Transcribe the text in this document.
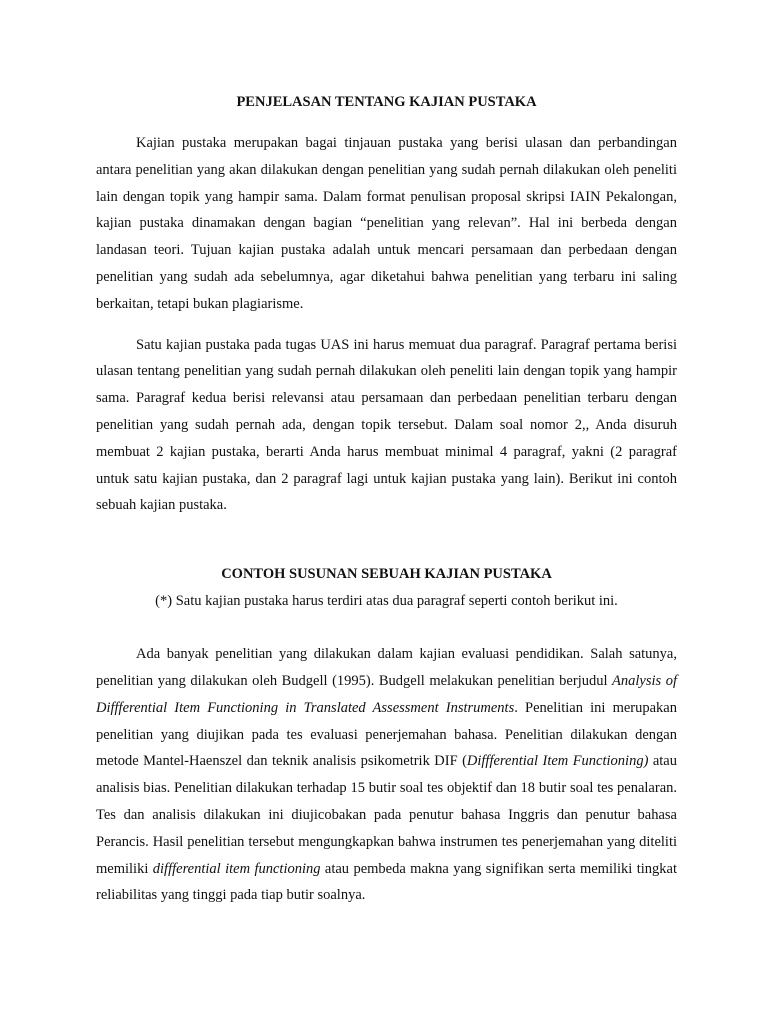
PENJELASAN TENTANG KAJIAN PUSTAKA

Kajian pustaka merupakan bagai tinjauan pustaka yang berisi ulasan dan perbandingan antara penelitian yang akan dilakukan dengan penelitian yang sudah pernah dilakukan oleh peneliti lain dengan topik yang hampir sama. Dalam format penulisan proposal skripsi IAIN Pekalongan, kajian pustaka dinamakan dengan bagian “penelitian yang relevan”. Hal ini berbeda dengan landasan teori. Tujuan kajian pustaka adalah untuk mencari persamaan dan perbedaan dengan penelitian yang sudah ada sebelumnya, agar diketahui bahwa penelitian yang terbaru ini saling berkaitan, tetapi bukan plagiarisme.

Satu kajian pustaka pada tugas UAS ini harus memuat dua paragraf. Paragraf pertama berisi ulasan tentang penelitian yang sudah pernah dilakukan oleh peneliti lain dengan topik yang hampir sama. Paragraf kedua berisi relevansi atau persamaan dan perbedaan penelitian terbaru dengan penelitian yang sudah pernah ada, dengan topik tersebut. Dalam soal nomor 2,, Anda disuruh membuat 2 kajian pustaka, berarti Anda harus membuat minimal 4 paragraf, yakni (2 paragraf untuk satu kajian pustaka, dan 2 paragraf lagi untuk kajian pustaka yang lain). Berikut ini contoh sebuah kajian pustaka.

CONTOH SUSUNAN SEBUAH KAJIAN PUSTAKA

(*) Satu kajian pustaka harus terdiri atas dua paragraf seperti contoh berikut ini.

Ada banyak penelitian yang dilakukan dalam kajian evaluasi pendidikan. Salah satunya, penelitian yang dilakukan oleh Budgell (1995). Budgell melakukan penelitian berjudul Analysis of Diffferential Item Functioning in Translated Assessment Instruments. Penelitian ini merupakan penelitian yang diujikan pada tes evaluasi penerjemahan bahasa. Penelitian dilakukan dengan metode Mantel-Haenszel dan teknik analisis psikometrik DIF (Diffferential Item Functioning) atau analisis bias. Penelitian dilakukan terhadap 15 butir soal tes objektif dan 18 butir soal tes penalaran. Tes dan analisis dilakukan ini diujicobakan pada penutur bahasa Inggris dan penutur bahasa Perancis. Hasil penelitian tersebut mengungkapkan bahwa instrumen tes penerjemahan yang diteliti memiliki diffferential item functioning atau pembeda makna yang signifikan serta memiliki tingkat reliabilitas yang tinggi pada tiap butir soalnya.
